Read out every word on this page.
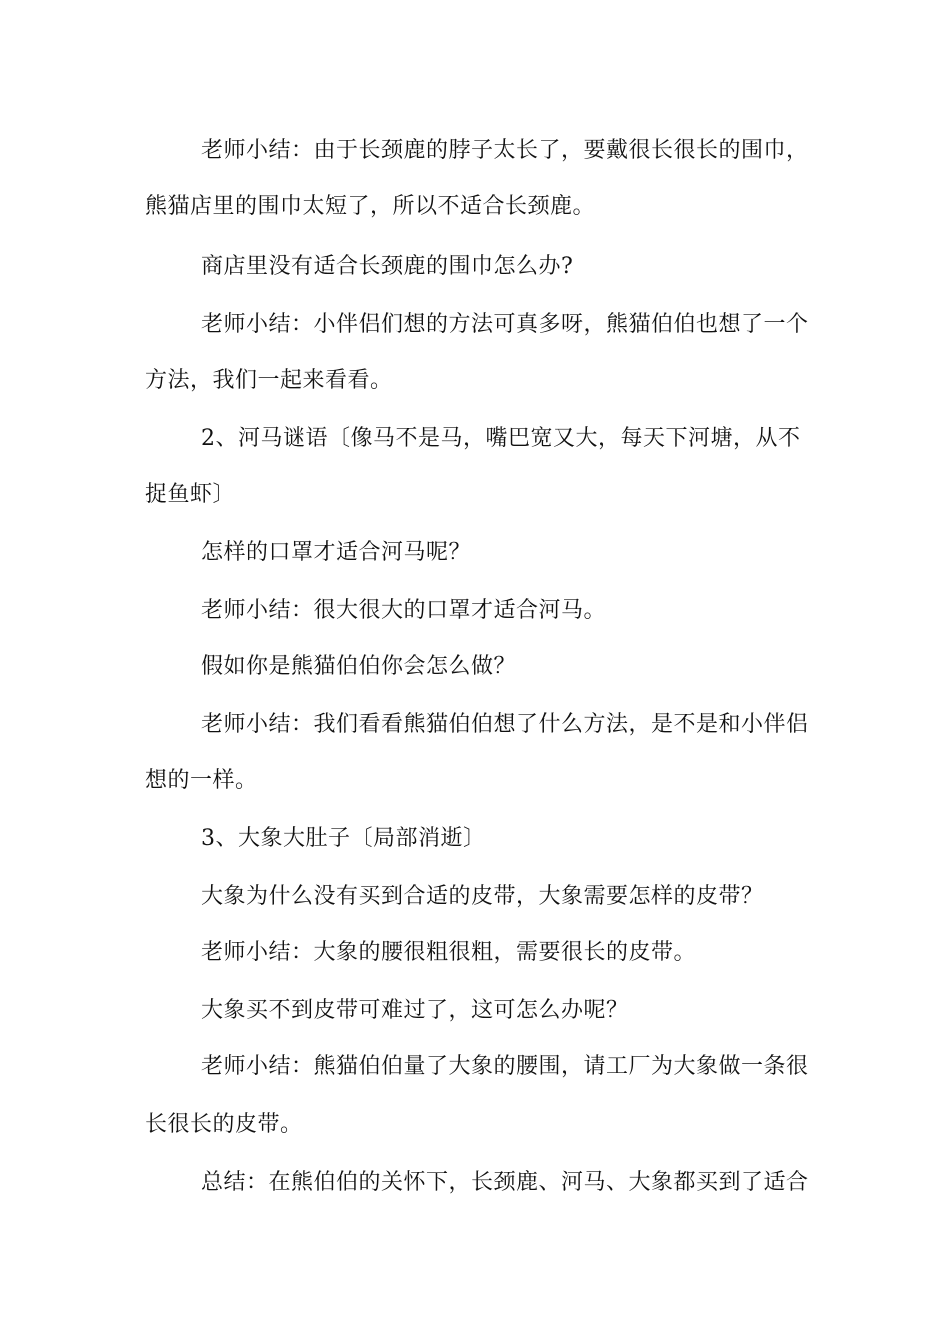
老师小结：由于长颈鹿的脖子太长了，要戴很长很长的围巾，
熊猫店里的围巾太短了，所以不适合长颈鹿。
商店里没有适合长颈鹿的围巾怎么办?
老师小结：小伴侣们想的方法可真多呀，熊猫伯伯也想了一个
方法，我们一起来看看。
2、河马谜语〔像马不是马，嘴巴宽又大，每天下河塘，从不
捉鱼虾〕
怎样的口罩才适合河马呢？
老师小结：很大很大的口罩才适合河马。
假如你是熊猫伯伯你会怎么做？
老师小结：我们看看熊猫伯伯想了什么方法，是不是和小伴侣
想的一样。
3、大象大肚子〔局部消逝〕
大象为什么没有买到合适的皮带，大象需要怎样的皮带？
老师小结：大象的腰很粗很粗，需要很长的皮带。
大象买不到皮带可难过了，这可怎么办呢？
老师小结：熊猫伯伯量了大象的腰围，请工厂为大象做一条很
长很长的皮带。
总结：在熊伯伯的关怀下，长颈鹿、河马、大象都买到了适合
